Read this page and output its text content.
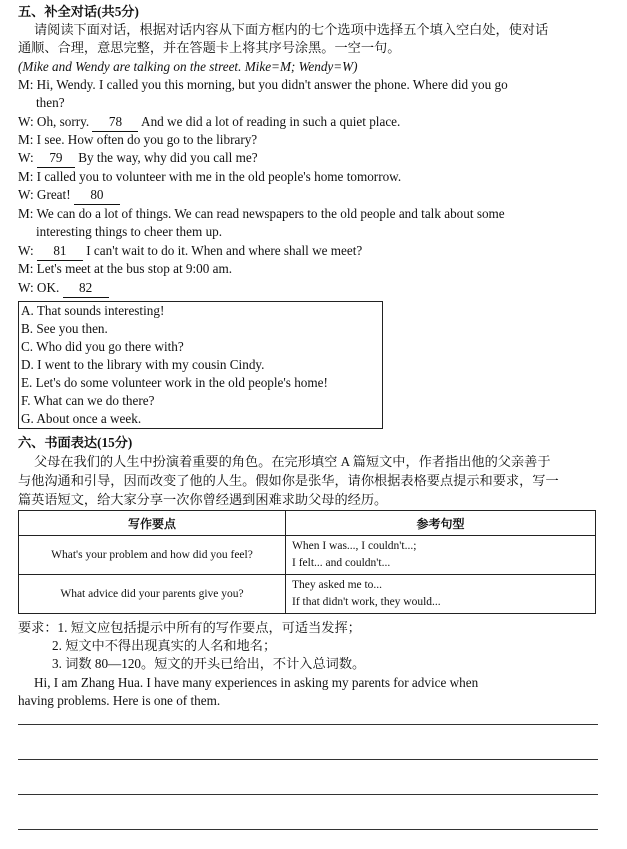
五、补全对话(共5分)
请阅读下面对话，根据对话内容从下面方框内的七个选项中选择五个填入空白处，使对话
通顺、合理，意思完整，并在答题卡上将其序号涂黑。一空一句。
(Mike and Wendy are talking on the street. Mike=M; Wendy=W)
M: Hi, Wendy. I called you this morning, but you didn't answer the phone. Where did you go
then?
W: Oh, sorry. 78 And we did a lot of reading in such a quiet place.
M: I see. How often do you go to the library?
W: 79 By the way, why did you call me?
M: I called you to volunteer with me in the old people's home tomorrow.
W: Great! 80
M: We can do a lot of things. We can read newspapers to the old people and talk about some
interesting things to cheer them up.
W: 81 I can't wait to do it. When and where shall we meet?
M: Let's meet at the bus stop at 9:00 am.
W: OK. 82
A. That sounds interesting!
B. See you then.
C. Who did you go there with?
D. I went to the library with my cousin Cindy.
E. Let's do some volunteer work in the old people's home!
F. What can we do there?
G. About once a week.
六、书面表达(15分)
父母在我们的人生中扮演着重要的角色。在完形填空 A 篇短文中，作者指出他的父亲善于
与他沟通和引导，因而改变了他的人生。假如你是张华，请你根据表格要点提示和要求，写一
篇英语短文，给大家分享一次你曾经遇到困难求助父母的经历。
写作要点	参考句型
What's your problem and how did you feel?	When I was..., I couldn't...;
I felt... and couldn't...

What advice did your parents give you?	They asked me to...
If that didn't work, they would...
要求：1. 短文应包括提示中所有的写作要点，可适当发挥；
2. 短文中不得出现真实的人名和地名；
3. 词数 80—120。短文的开头已给出，不计入总词数。
Hi, I am Zhang Hua. I have many experiences in asking my parents for advice when
having problems. Here is one of them.
